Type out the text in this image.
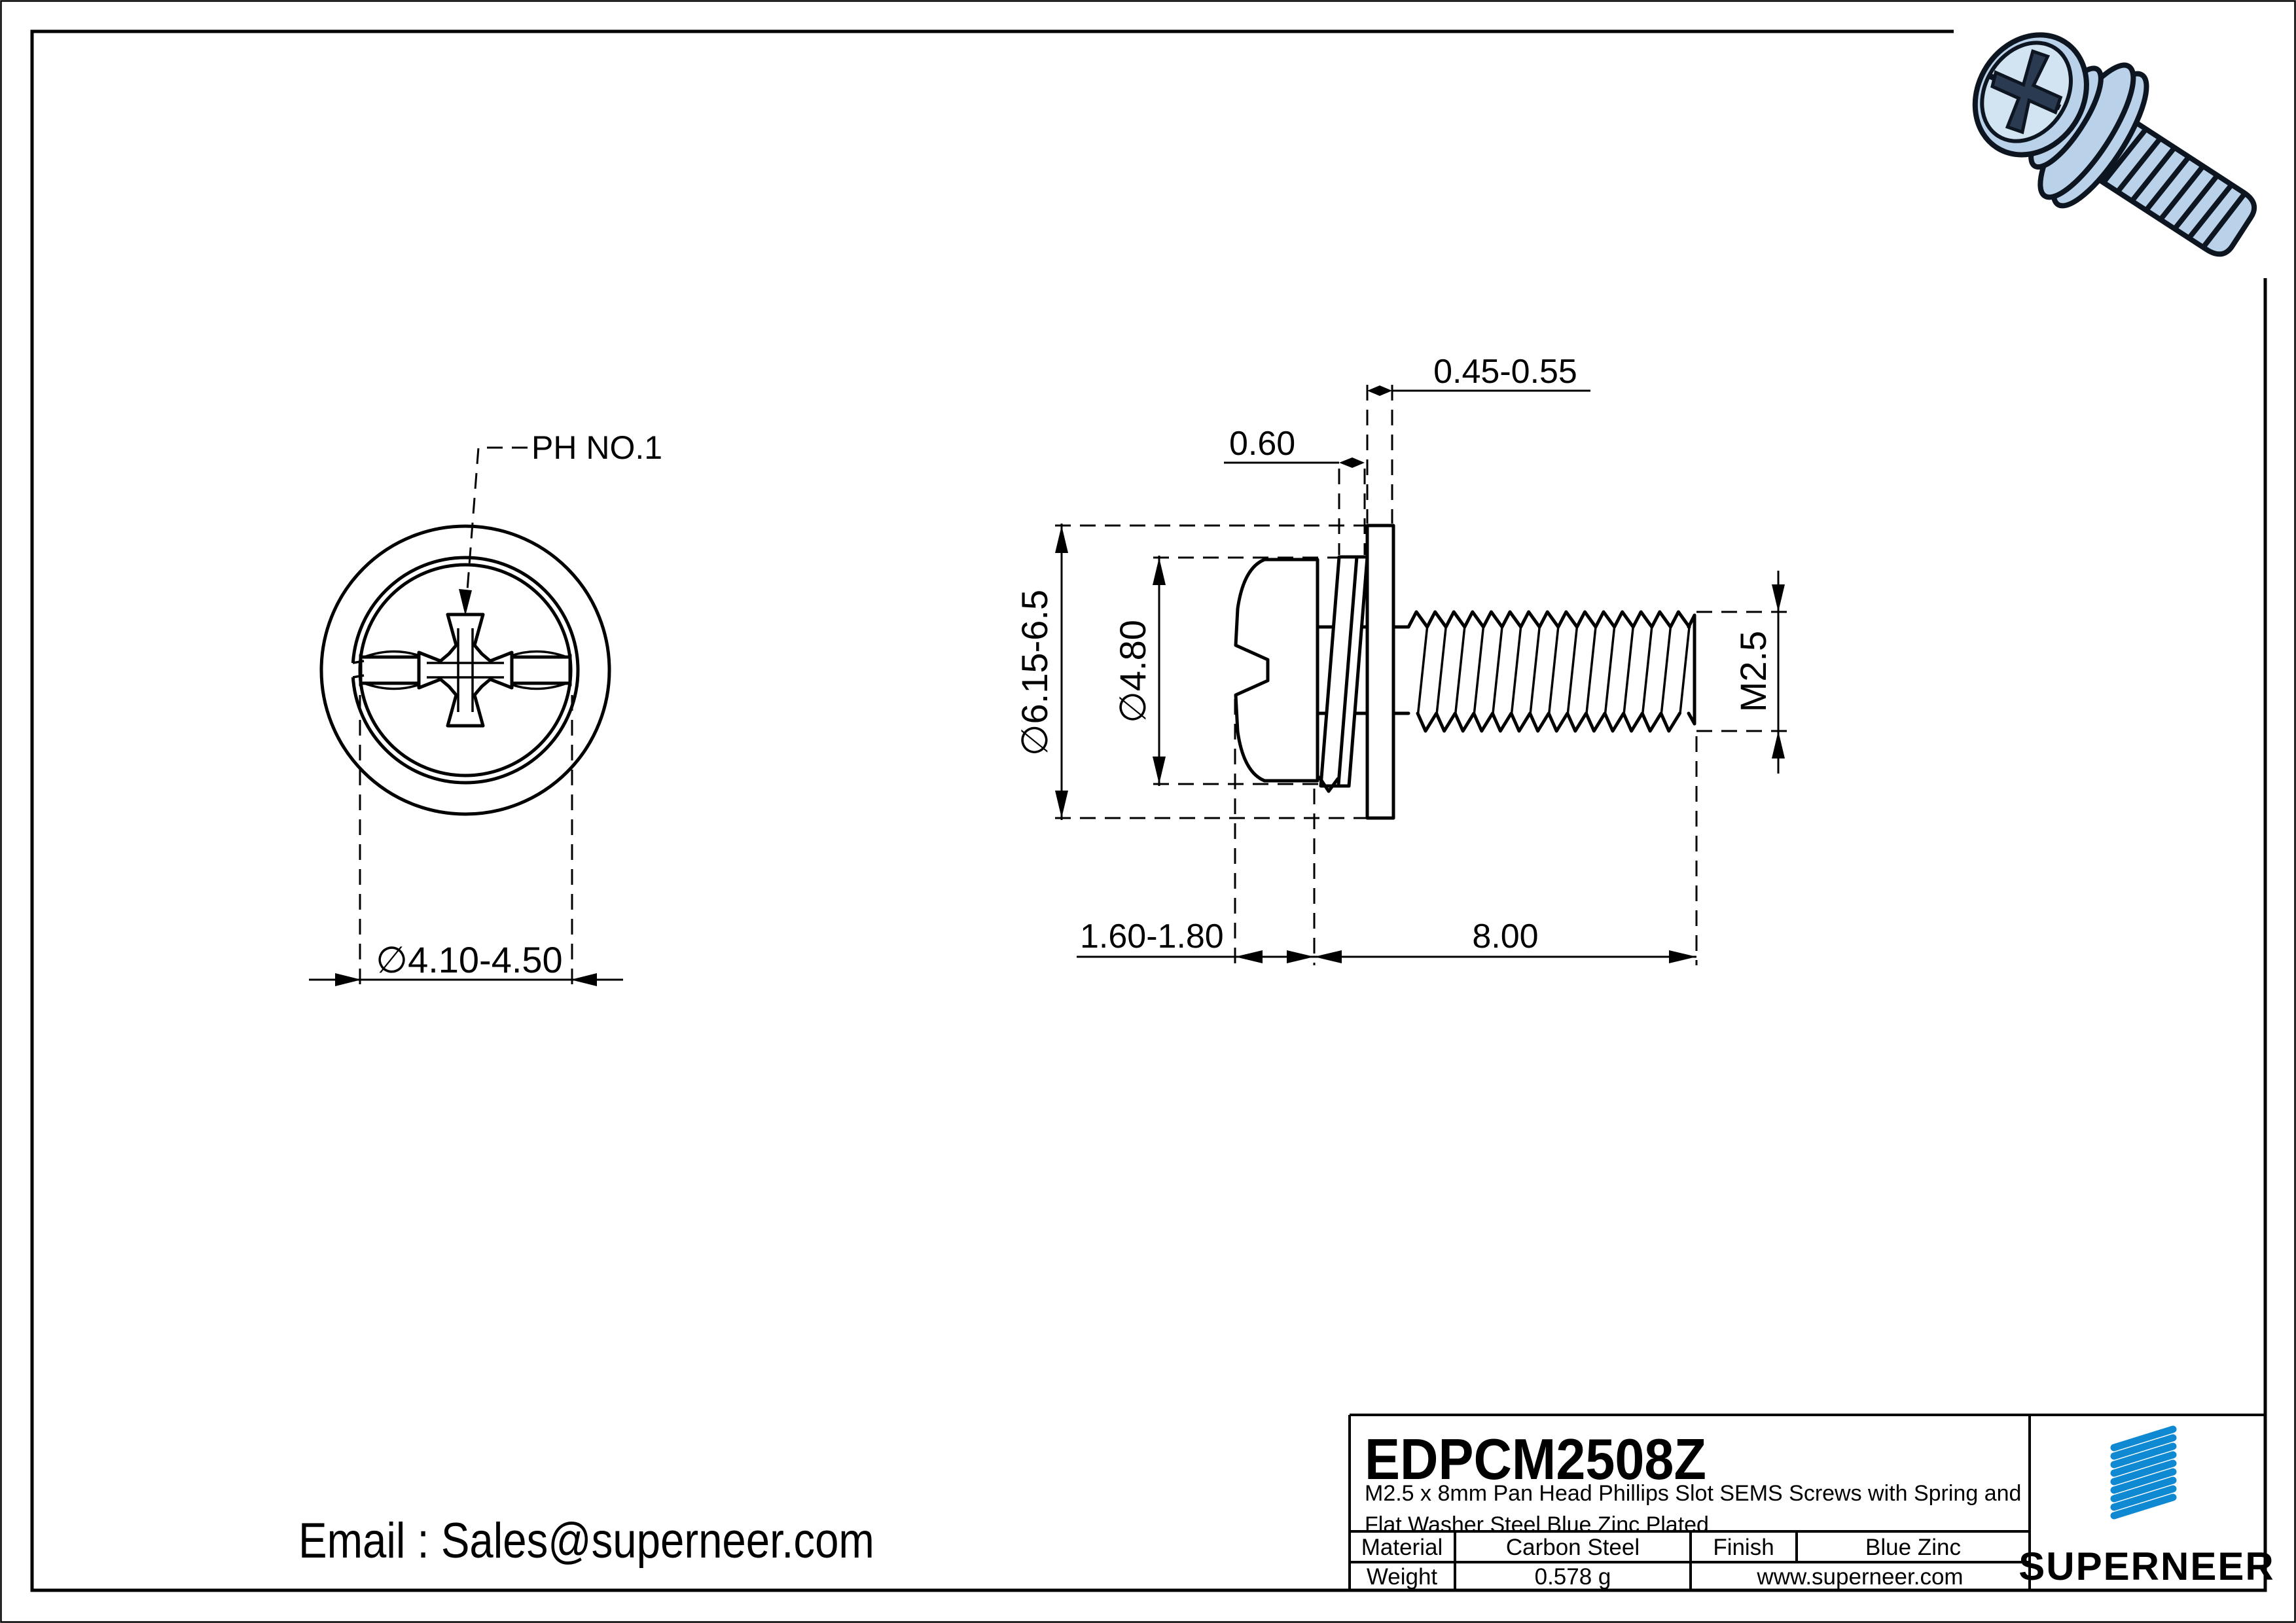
PH NO.1
∅4.10-4.50
0.45-0.55
0.60
∅6.15-6.5 ∅4.80	M2.5
1.60-1.80	8.00
EDPCM2508Z
M2.5 x 8mm Pan Head Phillips Slot SEMS Screws with Spring and
Flat Washer Steel Blue Zinc Plated
Material	Carbon Steel	Finish	Blue Zinc
Weight	0.578 g	www.superneer.com SUPERNEER
Email : Sales@superneer.com
